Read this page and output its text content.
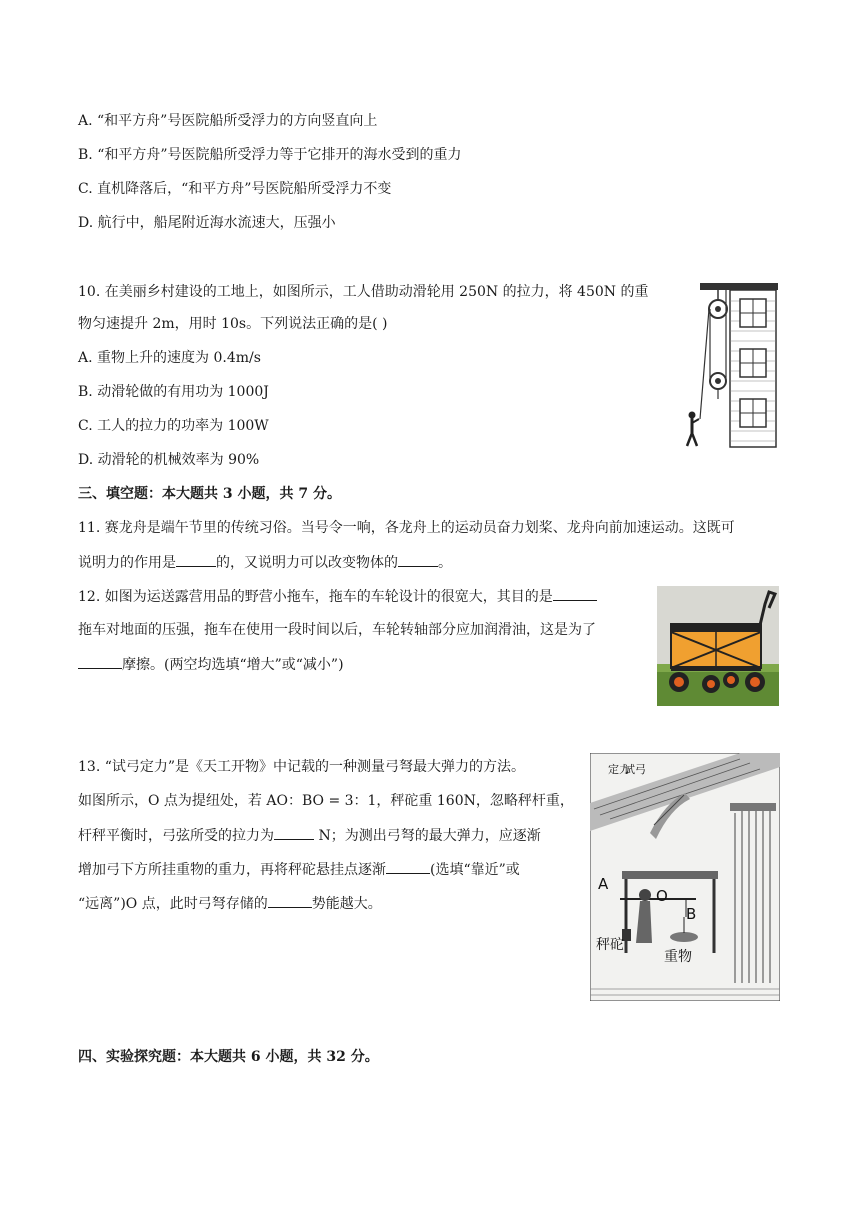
A. “和平方舟”号医院船所受浮力的方向竖直向上
B. “和平方舟”号医院船所受浮力等于它排开的海水受到的重力
C. 直机降落后，“和平方舟”号医院船所受浮力不变
D. 航行中，船尾附近海水流速大，压强小
10. 在美丽乡村建设的工地上，如图所示，工人借助动滑轮用 250N 的拉力，将 450N 的重
物匀速提升 2m，用时 10s。下列说法正确的是( )
A. 重物上升的速度为 0.4m/s
B. 动滑轮做的有用功为 1000J
C. 工人的拉力的功率为 100W
D. 动滑轮的机械效率为 90%
三、填空题：本大题共 3 小题，共 7 分。
11. 赛龙舟是端午节里的传统习俗。当号令一响，各龙舟上的运动员奋力划桨、龙舟向前加速运动。这既可
说明力的作用是	的，又说明力可以改变物体的	。
12. 如图为运送露营用品的野营小拖车，拖车的车轮设计的很宽大，其目的是
拖车对地面的压强，拖车在使用一段时间以后，车轮转轴部分应加润滑油，这是为了
摩擦。(两空均选填“增大”或“减小”)
13. “试弓定力”是《天工开物》中记载的一种测量弓弩最大弹力的方法。
如图所示，O 点为提纽处，若 AO：BO = 3：1，秤砣重 160N，忽略秤杆重，
杆秤平衡时，弓弦所受的拉力为	N；为测出弓弩的最大弹力，应逐渐
增加弓下方所挂重物的重力，再将秤砣悬挂点逐渐	(选填“靠近”或
“远离”)O 点，此时弓弩存储的	势能越大。
试弓
定力
A
O
B
秤砣
重物
四、实验探究题：本大题共 6 小题，共 32 分。
